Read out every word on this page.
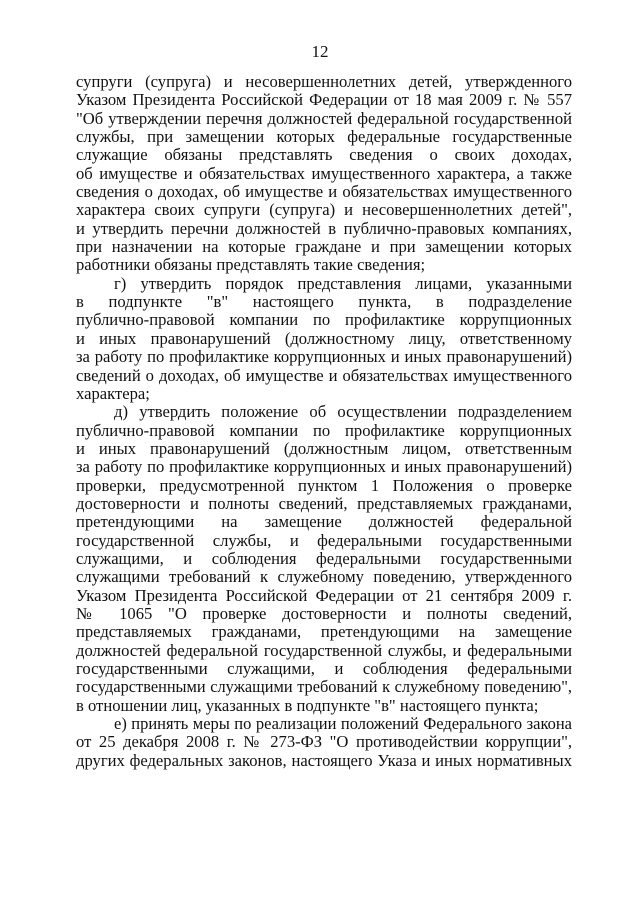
12
супруги (супруга) и несовершеннолетних детей, утвержденного
Указом Президента Российской Федерации от 18 мая 2009 г. № 557
"Об утверждении перечня должностей федеральной государственной
службы, при замещении которых федеральные государственные
служащие обязаны представлять сведения о своих доходах,
об имуществе и обязательствах имущественного характера, а также
сведения о доходах, об имуществе и обязательствах имущественного
характера своих супруги (супруга) и несовершеннолетних детей",
и утвердить перечни должностей в публично-правовых компаниях,
при назначении на которые граждане и при замещении которых
работники обязаны представлять такие сведения;
г) утвердить порядок представления лицами, указанными
в подпункте "в" настоящего пункта, в подразделение
публично-правовой компании по профилактике коррупционных
и иных правонарушений (должностному лицу, ответственному
за работу по профилактике коррупционных и иных правонарушений)
сведений о доходах, об имуществе и обязательствах имущественного
характера;
д) утвердить положение об осуществлении подразделением
публично-правовой компании по профилактике коррупционных
и иных правонарушений (должностным лицом, ответственным
за работу по профилактике коррупционных и иных правонарушений)
проверки, предусмотренной пунктом 1 Положения о проверке
достоверности и полноты сведений, представляемых гражданами,
претендующими на замещение должностей федеральной
государственной службы, и федеральными государственными
служащими, и соблюдения федеральными государственными
служащими требований к служебному поведению, утвержденного
Указом Президента Российской Федерации от 21 сентября 2009 г.
№ 1065 "О проверке достоверности и полноты сведений,
представляемых гражданами, претендующими на замещение
должностей федеральной государственной службы, и федеральными
государственными служащими, и соблюдения федеральными
государственными служащими требований к служебному поведению",
в отношении лиц, указанных в подпункте "в" настоящего пункта;
е) принять меры по реализации положений Федерального закона
от 25 декабря 2008 г. № 273-ФЗ "О противодействии коррупции",
других федеральных законов, настоящего Указа и иных нормативных
